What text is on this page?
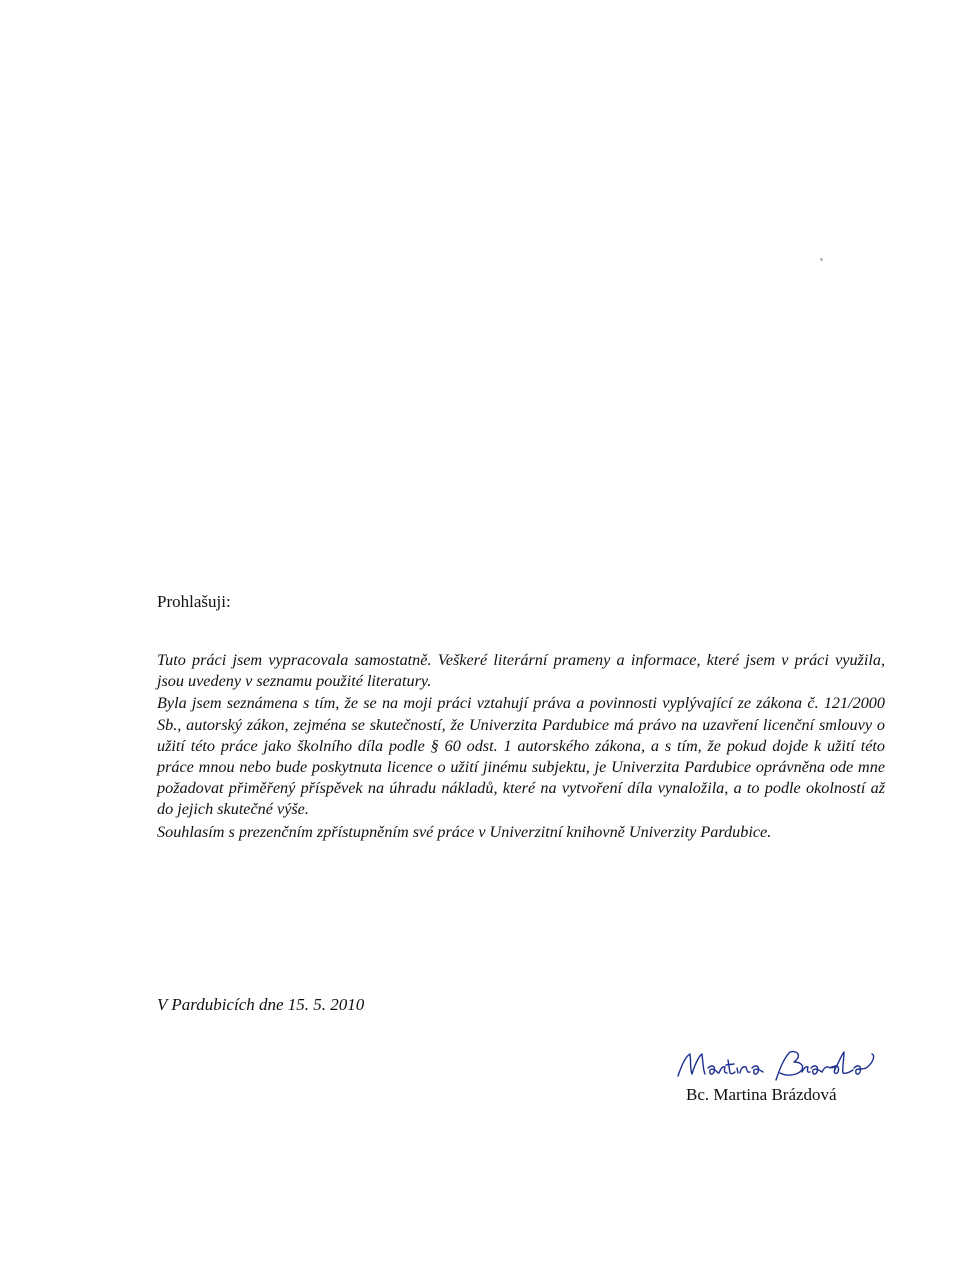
Prohlašuji:

Tuto práci jsem vypracovala samostatně. Veškeré literární prameny a informace, které jsem v práci využila, jsou uvedeny v seznamu použité literatury.

Byla jsem seznámena s tím, že se na moji práci vztahují práva a povinnosti vyplývající ze zákona č. 121/2000 Sb., autorský zákon, zejména se skutečností, že Univerzita Pardubice má právo na uzavření licenční smlouvy o užití této práce jako školního díla podle § 60 odst. 1 autorského zákona, a s tím, že pokud dojde k užití této práce mnou nebo bude poskytnuta licence o užití jinému subjektu, je Univerzita Pardubice oprávněna ode mne požadovat přiměřený příspěvek na úhradu nákladů, které na vytvoření díla vynaložila, a to podle okolností až do jejich skutečné výše.

Souhlasím s prezenčním zpřístupněním své práce v Univerzitní knihovně Univerzity Pardubice.

V Pardubicích dne 15. 5. 2010
Bc. Martina Brázdová
